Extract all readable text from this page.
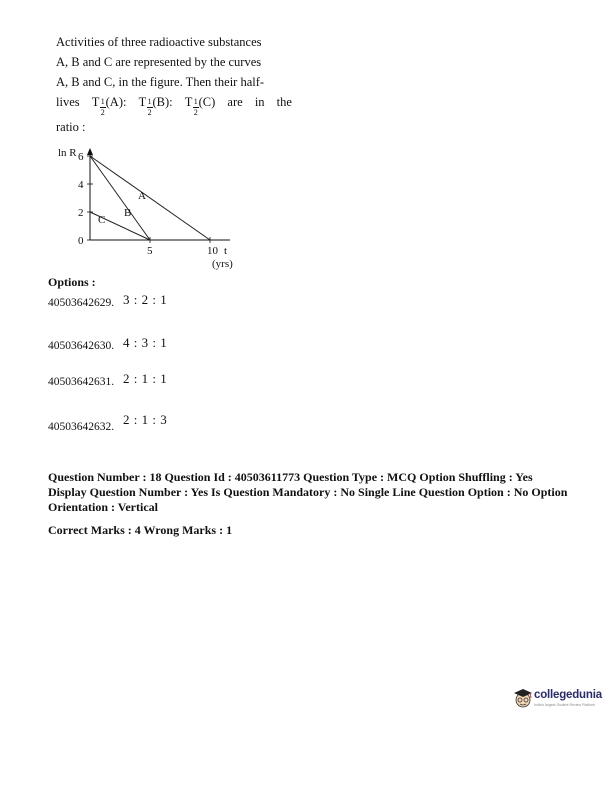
Activities of three radioactive substances
A, B and C are represented by the curves
A, B and C, in the figure. Then their half-
lives T 1
2
(A): T 1
2
(B): T 1
2
(C) are in the
ratio :
ln R 6
4
2
0
5	10
A
B
C
t
(yrs)
Options :
40503642629. 3 : 2 : 1
40503642630. 4 : 3 : 1
40503642631. 2 : 1 : 1
40503642632. 2 : 1 : 3

Question Number : 18 Question Id : 40503611773 Question Type : MCQ Option Shuffling : Yes

Display Question Number : Yes Is Question Mandatory : No Single Line Question Option : No Option

Orientation : Vertical

Correct Marks : 4 Wrong Marks : 1

collegedunia
India's largest Student Review Platform
